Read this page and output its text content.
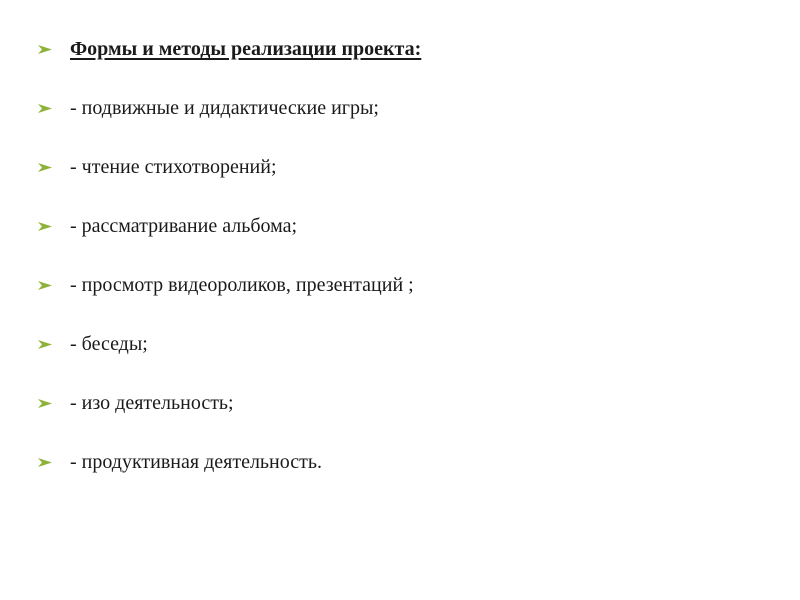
Формы и методы реализации проекта:
- подвижные и дидактические игры;
- чтение стихотворений;
- рассматривание альбома;
- просмотр видеороликов, презентаций ;
- беседы;
- изо деятельность;
- продуктивная деятельность.
